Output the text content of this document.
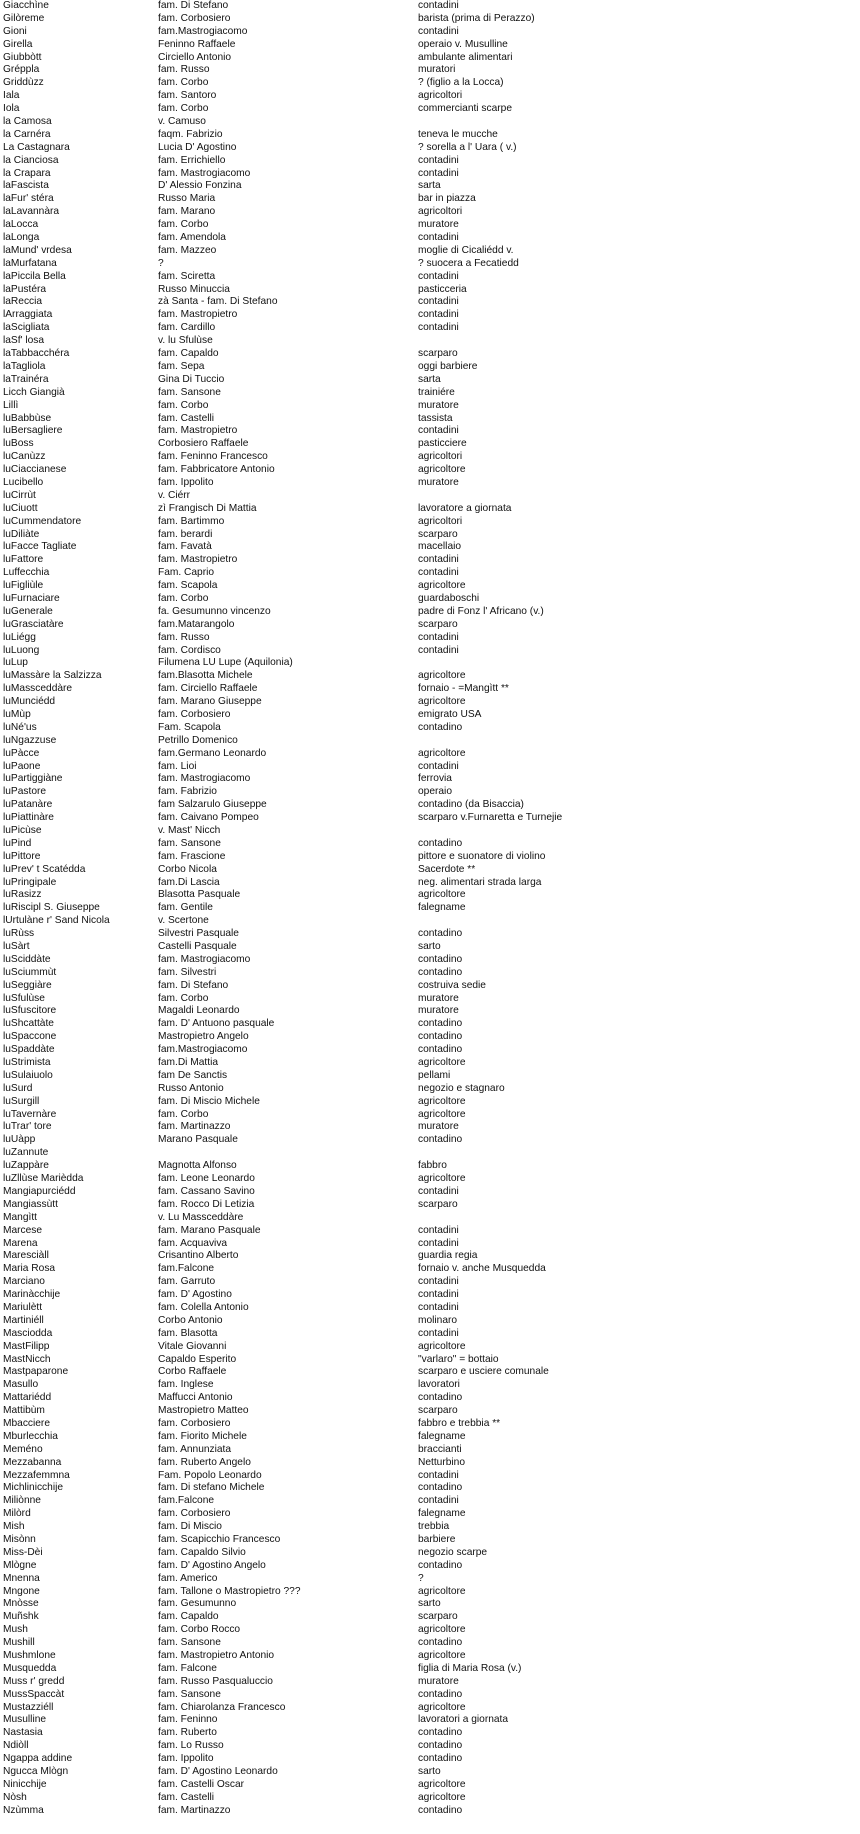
Giacchìne	fam. Di Stefano	contadini
Gilòreme	fam. Corbosiero	barista (prima di Perazzo)
Gioni	fam.Mastrogiacomo	contadini
Girella	Feninno Raffaele	operaio v. Musulline
Giubbòtt	Circiello Antonio	ambulante alimentari
Gréppla	fam. Russo	muratori
Griddùzz	fam. Corbo	? (figlio a la Locca)
Iala	fam. Santoro	agricoltori
Iola	fam. Corbo	commercianti scarpe
la Camosa	v. Camuso
la Carnéra	faqm. Fabrizio	teneva le mucche
La Castagnara	Lucia D' Agostino	? sorella a l' Uara ( v.)
la Cianciosa	fam. Errichiello	contadini
la Crapara	fam. Mastrogiacomo	contadini
laFascista	D' Alessio Fonzina	sarta
laFur' stéra	Russo Maria	bar in piazza
laLavannàra	fam. Marano	agricoltori
laLocca	fam. Corbo	muratore
laLonga	fam. Amendola	contadini
laMund' vrdesa	fam. Mazzeo	moglie di Cicaliédd v.
laMurfatana	?	? suocera a Fecatiedd
laPiccila Bella	fam. Sciretta	contadini
laPustéra	Russo Minuccia	pasticceria
laReccia	zà Santa - fam. Di Stefano	contadini
lArraggiata	fam. Mastropietro	contadini
laScigliata	fam. Cardillo	contadini
laSf' losa	v. lu Sfulùse
laTabbacchéra	fam. Capaldo	scarparo
laTagliola	fam. Sepa	oggi barbiere
laTrainéra	Gina Di Tuccio	sarta
Licch Giangià	fam. Sansone	trainiére
Lillì	fam. Corbo	muratore
luBabbùse	fam. Castelli	tassista
luBersagliere	fam. Mastropietro	contadini
luBoss	Corbosiero Raffaele	pasticciere
luCanùzz	fam. Feninno Francesco	agricoltori
luCiaccianese	fam. Fabbricatore Antonio	agricoltore
Lucibello	fam. Ippolito	muratore
luCirrùt	v. Ciérr
luCiuott	zì Frangisch Di Mattia	lavoratore a giornata
luCummendatore	fam. Bartimmo	agricoltori
luDiliàte	fam. berardi	scarparo
luFacce Tagliate	fam. Favatà	macellaio
luFattore	fam. Mastropietro	contadini
Luffecchia	Fam. Caprio	contadini
luFigliùle	fam. Scapola	agricoltore
luFurnaciare	fam. Corbo	guardaboschi
luGenerale	fa. Gesumunno vincenzo	padre di Fonz l' Africano (v.)
luGrasciatàre	fam.Matarangolo	scarparo
luLiégg	fam. Russo	contadini
luLuong	fam. Cordisco	contadini
luLup	Filumena LU Lupe (Aquilonia)
luMassàre la Salzizza	fam.Blasotta Michele	agricoltore
luMassceddàre	fam. Circiello Raffaele	fornaio - =Mangìtt **
luMunciédd	fam. Marano Giuseppe	agricoltore
luMùp	fam. Corbosiero	emigrato USA
luNé'us	Fam. Scapola	contadino
luNgazzuse	Petrillo Domenico
luPàcce	fam.Germano Leonardo	agricoltore
luPaone	fam. Lioi	contadini
luPartiggiàne	fam. Mastrogiacomo	ferrovia
luPastore	fam. Fabrizio	operaio
luPatanàre	fam Salzarulo Giuseppe	contadino (da Bisaccia)
luPiattinàre	fam. Caivano Pompeo	scarparo v.Furnaretta e Turnejie
luPicùse	v. Mast' Nicch
luPind	fam. Sansone	contadino
luPittore	fam. Frascione	pittore e suonatore di violino
luPrev' t Scatédda	Corbo Nicola	Sacerdote **
luPringipale	fam.Di Lascia	neg. alimentari strada larga
luRasizz	Blasotta Pasquale	agricoltore
luRiscipl S. Giuseppe	fam. Gentile	falegname
lUrtulàne r' Sand Nicola	v. Scertone
luRùss	Silvestri Pasquale	contadino
luSàrt	Castelli Pasquale	sarto
luSciddàte	fam. Mastrogiacomo	contadino
luSciummùt	fam. Silvestri	contadino
luSeggiàre	fam. Di Stefano	costruiva sedie
luSfulùse	fam. Corbo	muratore
luSfuscitore	Magaldi Leonardo	muratore
luShcattàte	fam. D' Antuono pasquale	contadino
luSpaccone	Mastropietro Angelo	contadino
luSpaddàte	fam.Mastrogiacomo	contadino
luStrimista	fam.Di Mattia	agricoltore
luSulaiuolo	fam De Sanctis	pellami
luSurd	Russo Antonio	negozio e stagnaro
luSurgill	fam. Di Miscio Michele	agricoltore
luTavernàre	fam. Corbo	agricoltore
luTrar' tore	fam. Martinazzo	muratore
luUàpp	Marano Pasquale	contadino
luZannute
luZappàre	Magnotta Alfonso	fabbro
luZllùse Marièdda	fam. Leone Leonardo	agricoltore
Mangiapurciédd	fam. Cassano Savino	contadini
Mangiassùtt	fam. Rocco Di Letizia	scarparo
Mangìtt	v. Lu Massceddàre
Marcese	fam. Marano Pasquale	contadini
Marena	fam. Acquaviva	contadini
Maresciàll	Crisantino Alberto	guardia regia
Maria Rosa	fam.Falcone	fornaio v. anche Musquedda
Marciano	fam. Garruto	contadini
Marinàcchije	fam. D' Agostino	contadini
Mariulètt	fam. Colella Antonio	contadini
Martiniéll	Corbo Antonio	molinaro
Masciodda	fam. Blasotta	contadini
MastFilipp	Vitale Giovanni	agricoltore
MastNicch	Capaldo Esperito	"varlaro" = bottaio
Mastpaparone	Corbo Raffaele	scarparo e usciere comunale
Masullo	fam. Inglese	lavoratori
Mattariédd	Maffucci Antonio	contadino
Mattibùm	Mastropietro Matteo	scarparo
Mbacciere	fam. Corbosiero	fabbro e trebbia **
Mburlecchia	fam. Fiorito Michele	falegname
Meméno	fam. Annunziata	braccianti
Mezzabanna	fam. Ruberto Angelo	Netturbino
Mezzafemmna	Fam. Popolo Leonardo	contadini
Michlinicchije	fam. Di stefano Michele	contadino
Miliònne	fam.Falcone	contadini
Milòrd	fam. Corbosiero	falegname
Mish	fam. Di Miscio	trebbia
Misònn	fam. Scapicchio Francesco	barbiere
Miss-Dèi	fam. Capaldo Silvio	negozio scarpe
Mlògne	fam. D' Agostino Angelo	contadino
Mnenna	fam. Americo	?
Mngone	fam. Tallone o Mastropietro ???	agricoltore
Mnòsse	fam. Gesumunno	sarto
Muñshk	fam. Capaldo	scarparo
Mush	fam. Corbo Rocco	agricoltore
Mushill	fam. Sansone	contadino
Mushmlone	fam. Mastropietro Antonio	agricoltore
Musquedda	fam. Falcone	figlia di Maria Rosa (v.)
Muss r' gredd	fam. Russo Pasqualuccio	muratore
MussSpaccàt	fam. Sansone	contadino
Mustazziéll	fam. Chiarolanza Francesco	agricoltore
Musulline	fam. Feninno	lavoratori a giornata
Nastasia	fam. Ruberto	contadino
Ndiòll	fam. Lo Russo	contadino
Ngappa addine	fam. Ippolito	contadino
Ngucca Mlògn	fam. D' Agostino Leonardo	sarto
Ninicchije	fam. Castelli Oscar	agricoltore
Nòsh	fam. Castelli	agricoltore
Nzùmma	fam. Martinazzo	contadino
